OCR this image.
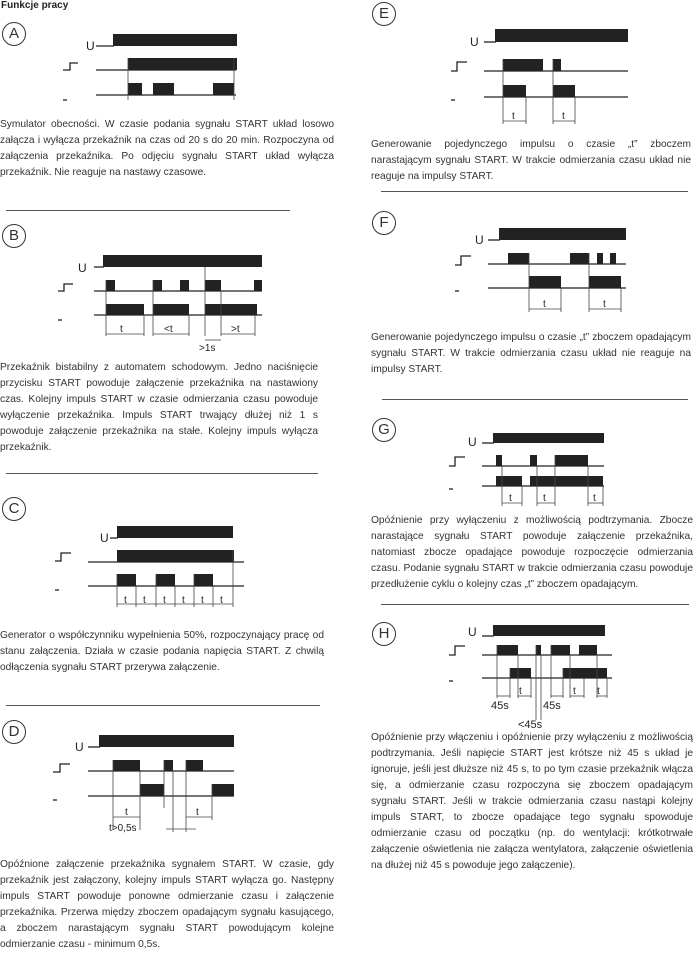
Funkcje pracy
A
U
Symulator obecności. W czasie podania sygnału START układ losowo załącza i wyłącza przekaźnik na czas od 20 s do 20 min. Rozpoczyna od załączenia przekaźnika. Po odjęciu sygnału START układ wyłącza przekaźnik. Nie reaguje na nastawy czasowe.
B
t	<t	>t
>1s
U
Przekaźnik bistabilny z automatem schodowym. Jedno naciśnięcie przycisku START powoduje załączenie przekaźnika na nastawiony czas. Kolejny impuls START w czasie odmierzania czasu powoduje wyłączenie przekaźnika. Impuls START trwający dłużej niż 1 s powoduje załączenie przekaźnika na stałe. Kolejny impuls wyłącza przekaźnik.
C
t t t t t t
U
Generator o współczynniku wypełnienia 50%, rozpoczynający pracę od stanu załączenia. Działa w czasie podania napięcia START. Z chwilą odłączenia sygnału START przerywa załączenie.
D
t	t
t>0,5s
U
Opóźnione załączenie przekaźnika sygnałem START. W czasie, gdy przekaźnik jest załączony, kolejny impuls START wyłącza go. Następny impuls START powoduje ponowne odmierzanie czasu i załączenie przekaźnika. Przerwa między zboczem opadającym sygnału kasującego, a zboczem narastającym sygnału START powodującym kolejne odmierzanie czasu - minimum 0,5s.
E
t	t
U
Generowanie pojedynczego impulsu o czasie „t” zboczem narastającym sygnału START. W trakcie odmierzania czasu układ nie reaguje na impulsy START.
F
t	t
U
Generowanie pojedynczego impulsu o czasie „t” zboczem opadającym sygnału START. W trakcie odmierzania czasu układ nie reaguje na impulsy START.
G
t	t	t
U
Opóźnienie przy wyłączeniu z możliwością podtrzymania. Zbocze narastające sygnału START powoduje załączenie przekaźnika, natomiast zbocze opadające powoduje rozpoczęcie odmierzania czasu. Podanie sygnału START w trakcie odmierzania czasu powoduje przedłużenie cyklu o kolejny czas „t” zboczem opadającym.
H
t	t t
45s	45s
<45s
U
Opóźnienie przy włączeniu i opóźnienie przy wyłączeniu z możliwością podtrzymania. Jeśli napięcie START jest krótsze niż 45 s układ je ignoruje, jeśli jest dłuższe niż 45 s, to po tym czasie przekaźnik włącza się, a odmierzanie czasu rozpoczyna się zboczem opadającym sygnału START. Jeśli w trakcie odmierzania czasu nastąpi kolejny impuls START, to zbocze opadające tego sygnału spowoduje odmierzanie czasu od początku (np. do wentylacji: krótkotrwałe załączenie oświetlenia nie załącza wentylatora, załączenie oświetlenia na dłużej niż 45 s powoduje jego załączenie).
